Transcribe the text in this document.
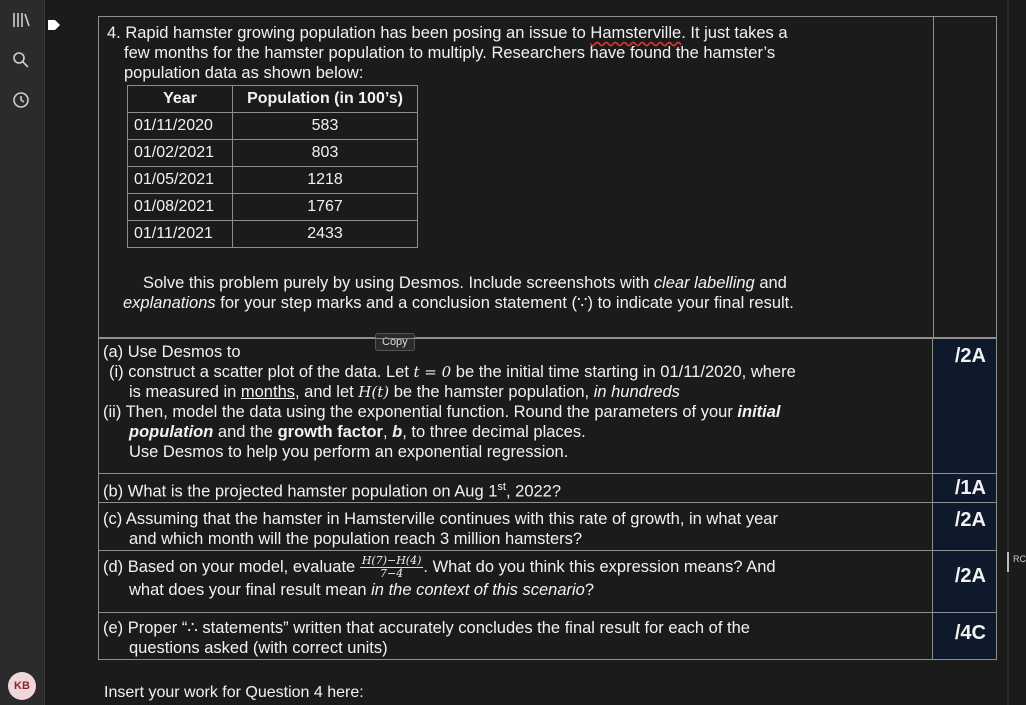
KB
4. Rapid hamster growing population has been posing an issue to Hamsterville. It just takes a
few months for the hamster population to multiply. Researchers have found the hamster’s
population data as shown below:
Year	Population (in 100’s)
01/11/2020	583
01/02/2021	803
01/05/2021	1218
01/08/2021	1767
01/11/2021	2433
Solve this problem purely by using Desmos. Include screenshots with clear labelling and
explanations for your step marks and a conclusion statement (∵) to indicate your final result.
Copy
(a) Use Desmos to
(i) construct a scatter plot of the data. Let t = 0 be the initial time starting in 01/11/2020, where
is measured in months, and let H(t) be the hamster population, in hundreds
(ii) Then, model the data using the exponential function. Round the parameters of your initial
population and the growth factor, b, to three decimal places.
Use Desmos to help you perform an exponential regression.
/2A
(b) What is the projected hamster population on Aug 1st, 2022?	/1A
(c) Assuming that the hamster in Hamsterville continues with this rate of growth, in what year
and which month will the population reach 3 million hamsters?
/2A
(d) Based on your model, evaluate $\frac{H(7)-H(4)}{7-4}$ . What do you think this expression means? And
what does your final result mean in the context of this scenario?
/2A
(e) Proper “∴ statements” written that accurately concludes the final result for each of the
questions asked (with correct units)
/4C
Insert your work for Question 4 here:
RC
